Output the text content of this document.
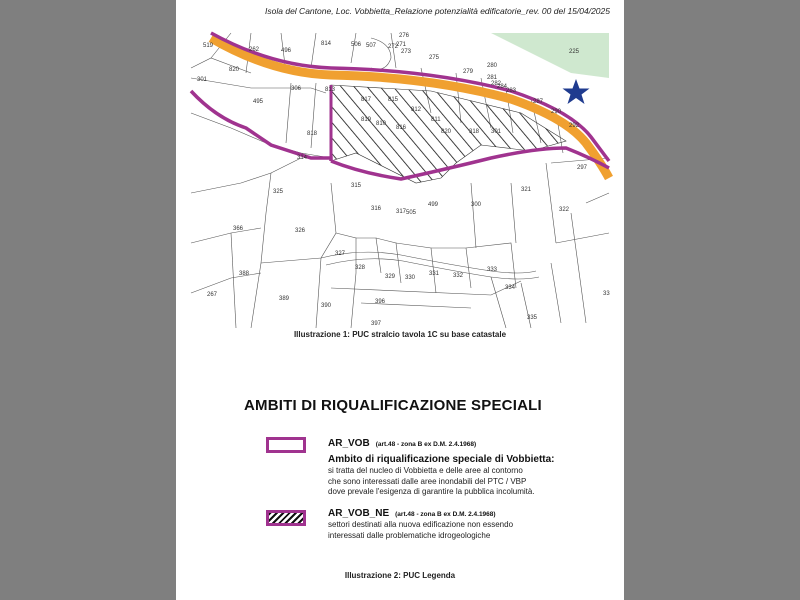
Isola del Cantone, Loc. Vobbietta_Relazione potenzialità edificatorie_rev. 00 del 15/04/2025
519
262	496
814	506 507	271
276
272
273
275
279
280
281
282
284
283
287
290
292
225
297
301
820
495
306	813
817	815
819
810
816
812
811
818	820	318 301
314
315
321
322
325
316 317 505
499	300
366	326
327
328
329 330
331 332
333
334
335
388
389
390
396
397
267	33
Illustrazione 1: PUC stralcio tavola 1C su base catastale
AMBITI DI RIQUALIFICAZIONE SPECIALI
AR_VOB (art.48 - zona B ex D.M. 2.4.1968)
Ambito di riqualificazione speciale di Vobbietta:
si tratta del nucleo di Vobbietta e delle aree al contorno
che sono interessati dalle aree inondabili del PTC / VBP
dove prevale l'esigenza di garantire la pubblica incolumità.
AR_VOB_NE (art.48 - zona B ex D.M. 2.4.1968)
settori destinati alla nuova edificazione non essendo
interessati dalle problematiche idrogeologiche
Illustrazione 2: PUC Legenda
